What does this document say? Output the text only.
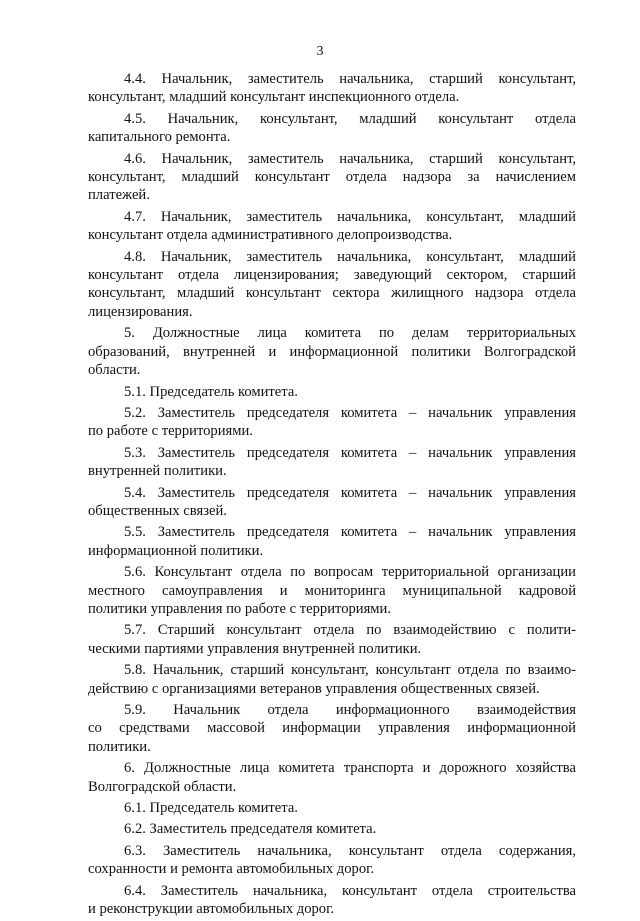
3
4.4. Начальник, заместитель начальника, старший консультант,
консультант, младший консультант инспекционного отдела.
4.5. Начальник, консультант, младший консультант отдела
капитального ремонта.
4.6. Начальник, заместитель начальника, старший консультант,
консультант, младший консультант отдела надзора за начислением
платежей.
4.7. Начальник, заместитель начальника, консультант, младший
консультант отдела административного делопроизводства.
4.8. Начальник, заместитель начальника, консультант, младший
консультант отдела лицензирования; заведующий сектором, старший
консультант, младший консультант сектора жилищного надзора отдела
лицензирования.
5. Должностные лица комитета по делам территориальных
образований, внутренней и информационной политики Волгоградской
области.
5.1. Председатель комитета.
5.2. Заместитель председателя комитета – начальник управления
по работе с территориями.
5.3. Заместитель председателя комитета – начальник управления
внутренней политики.
5.4. Заместитель председателя комитета – начальник управления
общественных связей.
5.5. Заместитель председателя комитета – начальник управления
информационной политики.
5.6. Консультант отдела по вопросам территориальной организации
местного самоуправления и мониторинга муниципальной кадровой
политики управления по работе с территориями.
5.7. Старший консультант отдела по взаимодействию с полити-
ческими партиями управления внутренней политики.
5.8. Начальник, старший консультант, консультант отдела по взаимо-
действию с организациями ветеранов управления общественных связей.
5.9. Начальник отдела информационного взаимодействия
со средствами массовой информации управления информационной
политики.
6. Должностные лица комитета транспорта и дорожного хозяйства
Волгоградской области.
6.1. Председатель комитета.
6.2. Заместитель председателя комитета.
6.3. Заместитель начальника, консультант отдела содержания,
сохранности и ремонта автомобильных дорог.
6.4. Заместитель начальника, консультант отдела строительства
и реконструкции автомобильных дорог.
